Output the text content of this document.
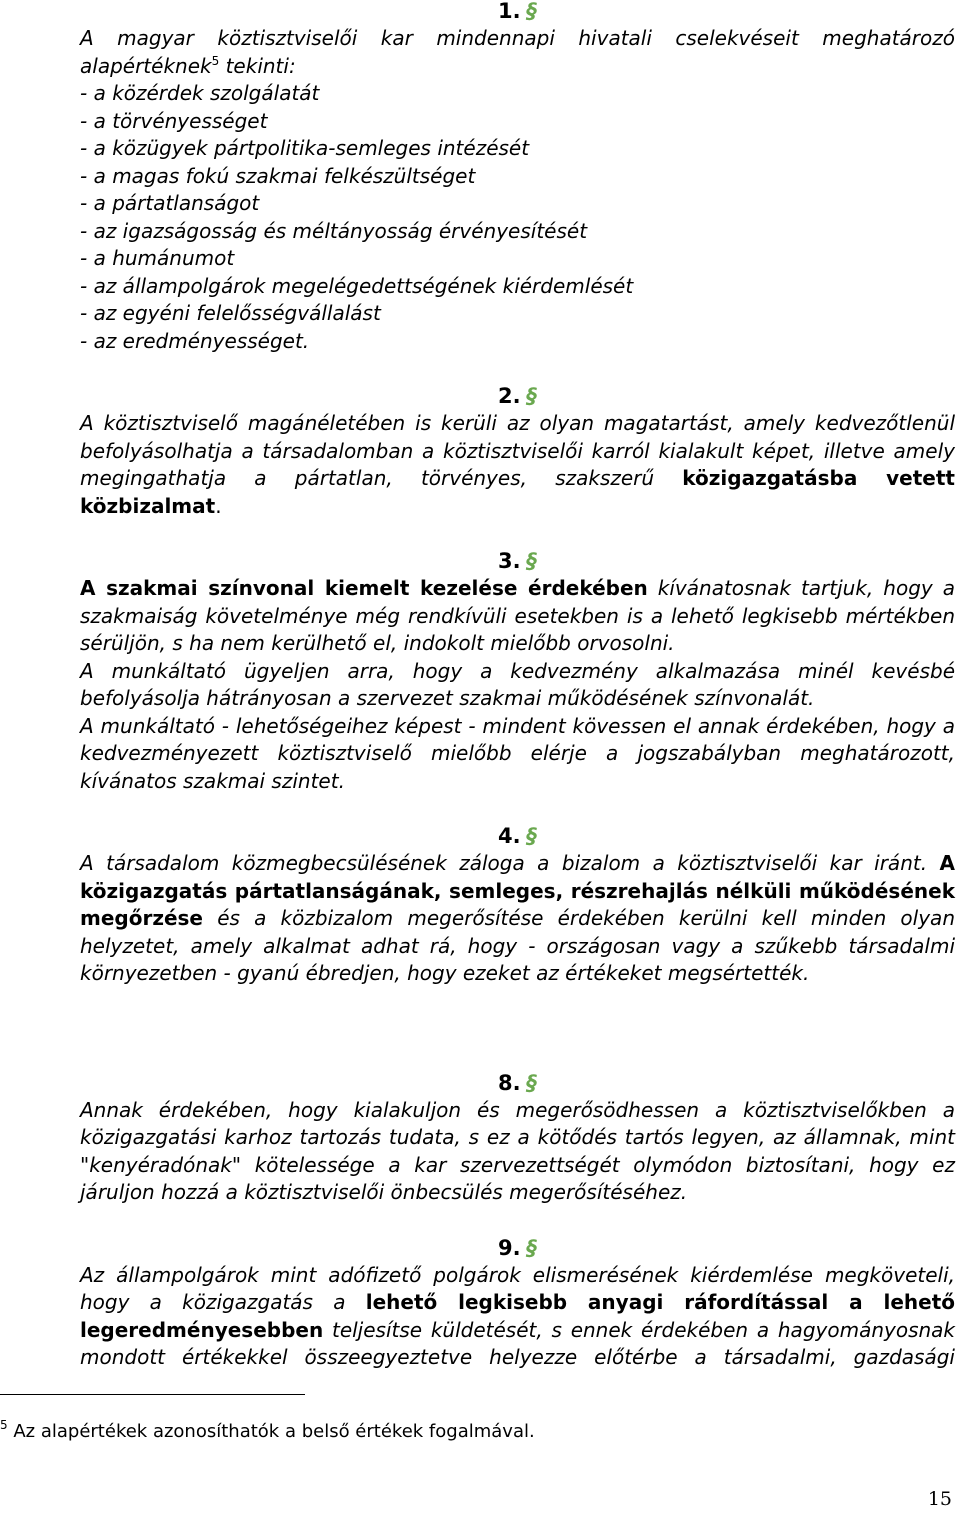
1. §

A magyar köztisztviselői kar mindennapi hivatali cselekvéseit meghatározó alapértéknek$^5$ tekinti:

- a közérdek szolgálatát
- a törvényességet
- a közügyek pártpolitika-semleges intézését
- a magas fokú szakmai felkészültséget
- a pártatlanságot
- az igazságosság és méltányosság érvényesítését
- a humánumot
- az állampolgárok megelégedettségének kiérdemlését
- az egyéni felelősségvállalást
- az eredményességet.
2. §

A köztisztviselő magánéletében is kerüli az olyan magatartást, amely kedvezőtlenül befolyásolhatja a társadalomban a köztisztviselői karról kialakult képet, illetve amely megingathatja a pártatlan, törvényes, szakszerű közigazgatásba vetett közbizalmat.

3. §

A szakmai színvonal kiemelt kezelése érdekében kívánatosnak tartjuk, hogy a szakmaiság követelménye még rendkívüli esetekben is a lehető legkisebb mértékben sérüljön, s ha nem kerülhető el, indokolt mielőbb orvosolni.

A munkáltató ügyeljen arra, hogy a kedvezmény alkalmazása minél kevésbé befolyásolja hátrányosan a szervezet szakmai működésének színvonalát.

A munkáltató - lehetőségeihez képest - mindent kövessen el annak érdekében, hogy a kedvezményezett köztisztviselő mielőbb elérje a jogszabályban meghatározott, kívánatos szakmai szintet.

4. §

A társadalom közmegbecsülésének záloga a bizalom a köztisztviselői kar iránt. A közigazgatás pártatlanságának, semleges, részrehajlás nélküli működésének megőrzése és a közbizalom megerősítése érdekében kerülni kell minden olyan helyzetet, amely alkalmat adhat rá, hogy - országosan vagy a szűkebb társadalmi környezetben - gyanú ébredjen, hogy ezeket az értékeket megsértették.

8. §

Annak érdekében, hogy kialakuljon és megerősödhessen a köztisztviselőkben a közigazgatási karhoz tartozás tudata, s ez a kötődés tartós legyen, az államnak, mint "kenyéradónak" kötelessége a kar szervezettségét olymódon biztosítani, hogy ez járuljon hozzá a köztisztviselői önbecsülés megerősítéséhez.

9. §

Az állampolgárok mint adófizető polgárok elismerésének kiérdemlése megköveteli, hogy a közigazgatás a lehető legkisebb anyagi ráfordítással a lehető legeredményesebben teljesítse küldetését, s ennek érdekében a hagyományosnak mondott értékekkel összeegyeztetve helyezze előtérbe a társadalmi, gazdasági

$^5$ Az alapértékek azonosíthatók a belső értékek fogalmával.
15
